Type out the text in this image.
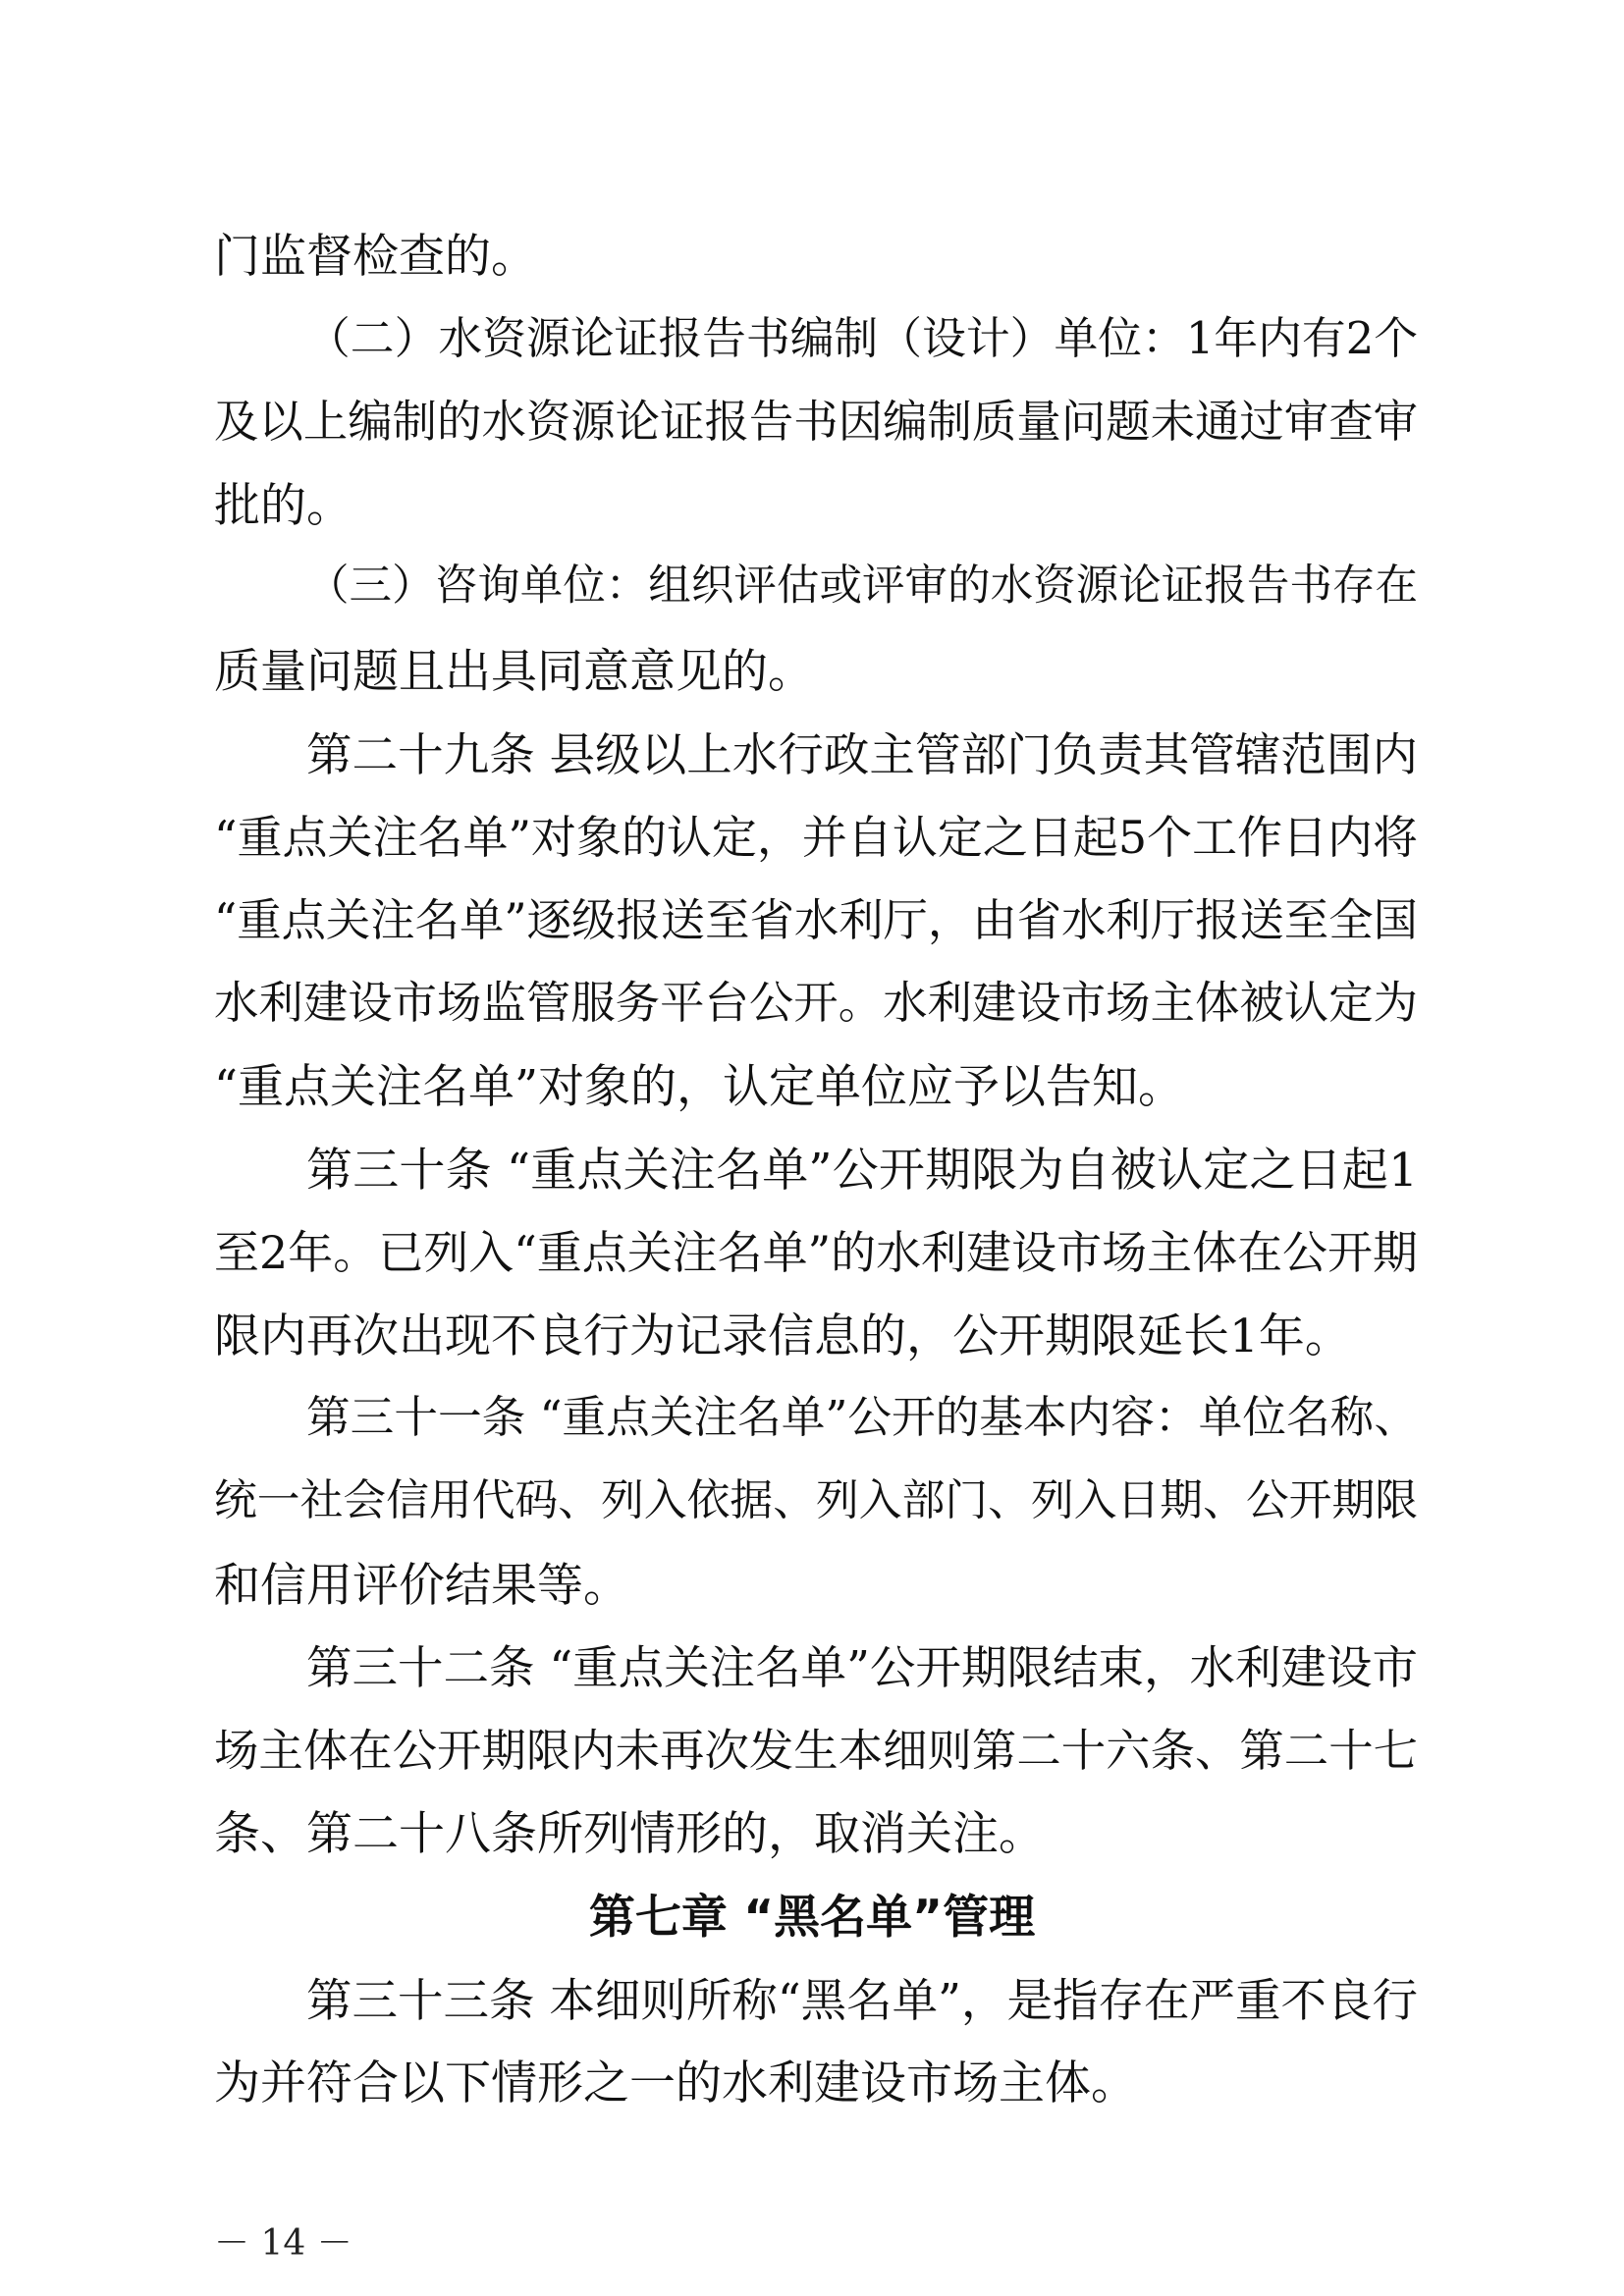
门监督检查的。
（二）水资源论证报告书编制（设计）单位：1年内有2个
及以上编制的水资源论证报告书因编制质量问题未通过审查审
批的。
（三）咨询单位：组织评估或评审的水资源论证报告书存在
质量问题且出具同意意见的。
第二十九条 县级以上水行政主管部门负责其管辖范围内
“重点关注名单”对象的认定，并自认定之日起5个工作日内将
“重点关注名单”逐级报送至省水利厅，由省水利厅报送至全国
水利建设市场监管服务平台公开。水利建设市场主体被认定为
“重点关注名单”对象的，认定单位应予以告知。
第三十条 “重点关注名单”公开期限为自被认定之日起1
至2年。已列入“重点关注名单”的水利建设市场主体在公开期
限内再次出现不良行为记录信息的，公开期限延长1年。
第三十一条 “重点关注名单”公开的基本内容：单位名称、
统一社会信用代码、列入依据、列入部门、列入日期、公开期限
和信用评价结果等。
第三十二条 “重点关注名单”公开期限结束，水利建设市
场主体在公开期限内未再次发生本细则第二十六条、第二十七
条、第二十八条所列情形的，取消关注。
第七章 “黑名单”管理
第三十三条 本细则所称“黑名单”，是指存在严重不良行
为并符合以下情形之一的水利建设市场主体。
－ 14 －
